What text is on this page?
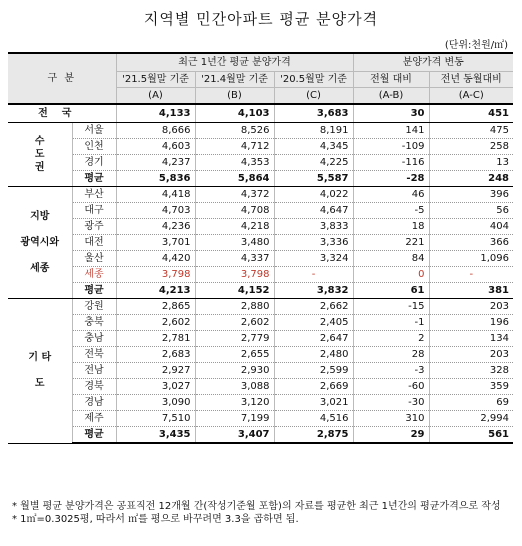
지역별 민간아파트 평균 분양가격
(단위:천원/㎡)
구 분		최근 1년간 평균 분양가격			분양가격 변동	
		'21.5월말 기준	'21.4월말 기준	'20.5월말 기준	전월 대비	전년 동월대비
		(A)	(B)	(C)	(A-B)	(A-C)
전국		4,133	4,103	3,683	30	451
수
도
권	서울	8,666	8,526	8,191	141	475
	인천	4,603	4,712	4,345	-109	258
	경기	4,237	4,353	4,225	-116	13
	평균	5,836	5,864	5,587	-28	248
지방

광역시와

세종	부산	4,418	4,372	4,022	46	396
	대구	4,703	4,708	4,647	-5	56
	광주	4,236	4,218	3,833	18	404
	대전	3,701	3,480	3,336	221	366
	울산	4,420	4,337	3,324	84	1,096
	세종	3,798	3,798	-	0	-
	평균	4,213	4,152	3,832	61	381
기 타

도	강원	2,865	2,880	2,662	-15	203
	충북	2,602	2,602	2,405	-1	196
	충남	2,781	2,779	2,647	2	134
	전북	2,683	2,655	2,480	28	203
	전남	2,927	2,930	2,599	-3	328
	경북	3,027	3,088	2,669	-60	359
	경남	3,090	3,120	3,021	-30	69
	제주	7,510	7,199	4,516	310	2,994
	평균	3,435	3,407	2,875	29	561
* 월별 평균 분양가격은 공표직전 12개월 간(작성기준월 포함)의 자료를 평균한 최근 1년간의 평균가격으로 작성
* 1㎡=0.3025평, 따라서 ㎡를 평으로 바꾸려면 3.3을 곱하면 됨.
